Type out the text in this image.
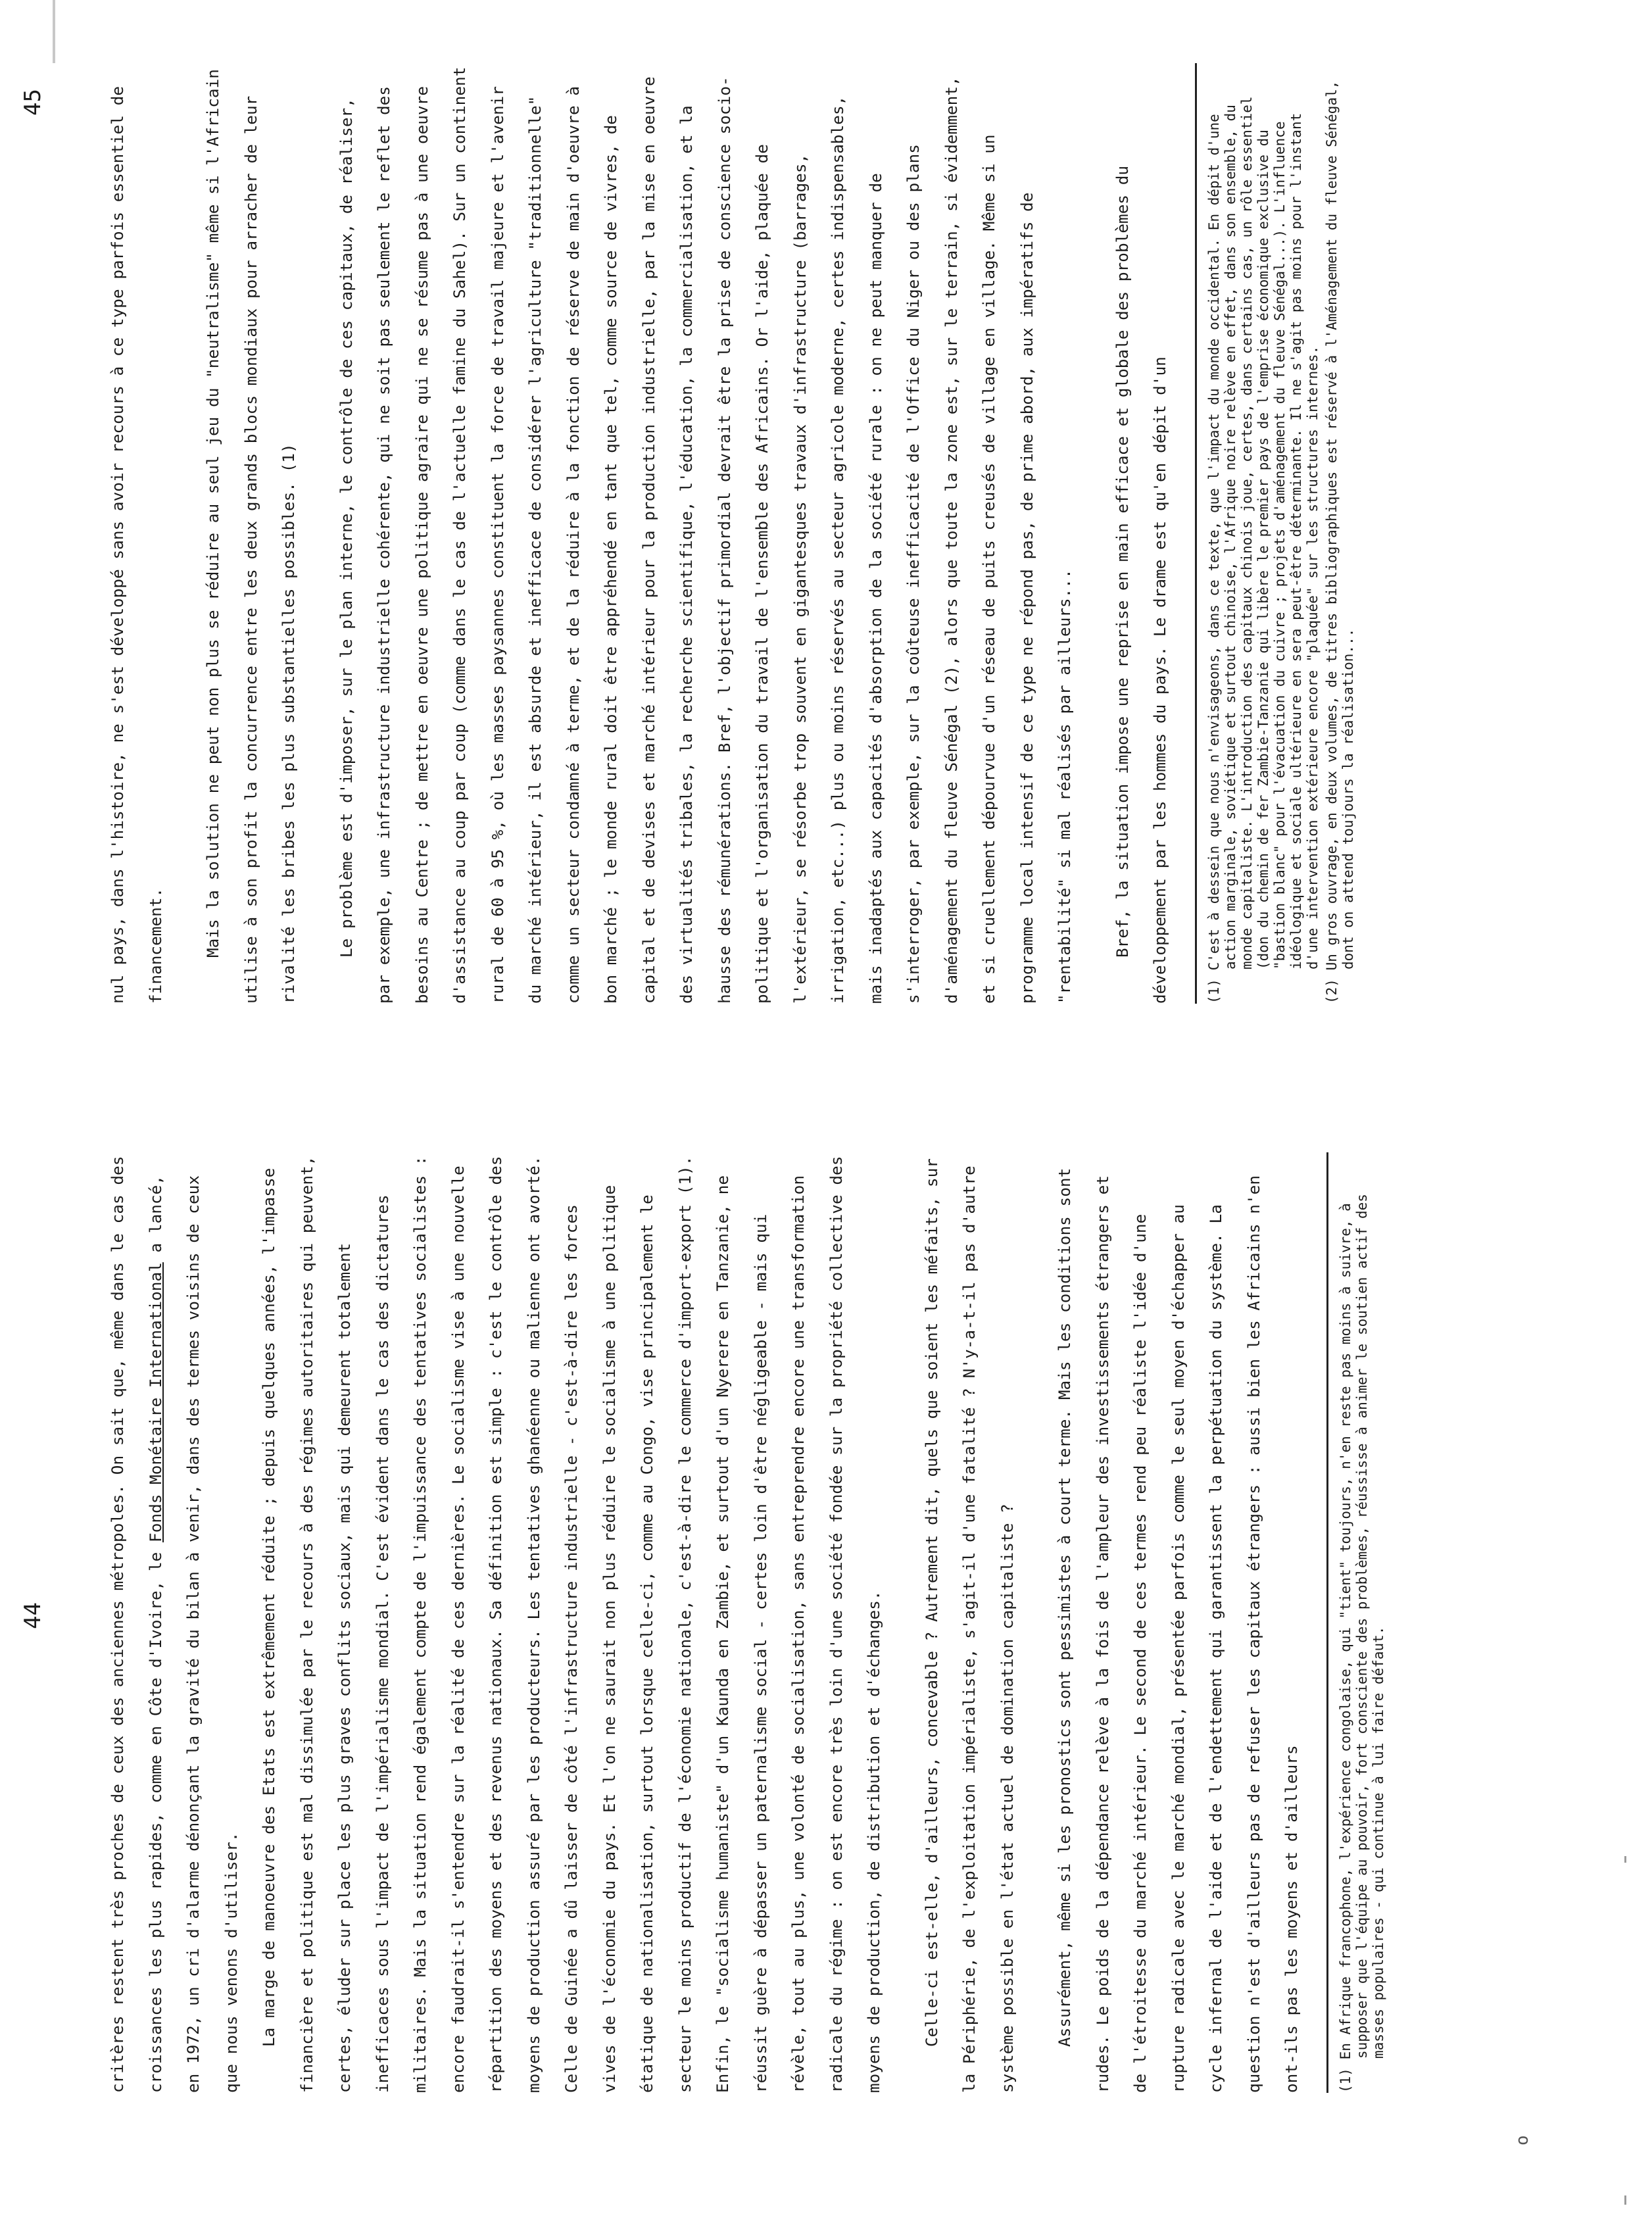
44	critères restent très proches de ceux des anciennes métropoles. On sait que, même dans le cas des croissances les plus rapides, comme en Côte d'Ivoire, le Fonds Monétaire International a lancé, en 1972, un cri d'alarme dénonçant la gravité du bilan à venir, dans des termes voisins de ceux que nous venons d'utiliser.	La marge de manoeuvre des Etats est extrêmement réduite ; depuis quelques années, l'impasse financière et politique est mal dissimulée par le recours à des régimes autoritaires qui peuvent, certes, éluder sur place les plus graves conflits sociaux, mais qui demeurent totalement inefficaces sous l'impact de l'impérialisme mondial. C'est évident dans le cas des dictatures militaires. Mais la situation rend également compte de l'impuissance des tentatives socialistes : encore faudrait-il s'entendre sur la réalité de ces dernières. Le socialisme vise à une nouvelle répartition des moyens et des revenus nationaux. Sa définition est simple : c'est le contrôle des moyens de production assuré par les producteurs. Les tentatives ghanéenne ou malienne ont avorté. Celle de Guinée a dû laisser de côté l'infrastructure industrielle - c'est-à-dire les forces vives de l'économie du pays. Et l'on ne saurait non plus réduire le socialisme à une politique étatique de nationalisation, surtout lorsque celle-ci, comme au Congo, vise principalement le secteur le moins productif de l'économie nationale, c'est-à-dire le commerce d'import-export (1). Enfin, le "socialisme humaniste" d'un Kaunda en Zambie, et surtout d'un Nyerere en Tanzanie, ne réussit guère à dépasser un paternalisme social - certes loin d'être négligeable - mais qui révèle, tout au plus, une volonté de socialisation, sans entreprendre encore une transformation radicale du régime : on est encore très loin d'une société fondée sur la propriété collective des moyens de production, de distribution et d'échanges.	Celle-ci est-elle, d'ailleurs, concevable ? Autrement dit, quels que soient les méfaits, sur la Périphérie, de l'exploitation impérialiste, s'agit-il d'une fatalité ? N'y-a-t-il pas d'autre système possible en l'état actuel de domination capitaliste ?	Assurément, même si les pronostics sont pessimistes à court terme. Mais les conditions sont rudes. Le poids de la dépendance relève à la fois de l'ampleur des investissements étrangers et de l'étroitesse du marché intérieur. Le second de ces termes rend peu réaliste l'idée d'une rupture radicale avec le marché mondial, présentée parfois comme le seul moyen d'échapper au cycle infernal de l'aide et de l'endettement qui garantissent la perpétuation du système. La question n'est d'ailleurs pas de refuser les capitaux étrangers : aussi bien les Africains n'en ont-ils pas les moyens et d'ailleurs	(1) En Afrique francophone, l'expérience congolaise, qui "tient" toujours, n'en reste pas moins à suivre, à supposer que l'équipe au pouvoir, fort consciente des problèmes, réussisse à animer le soutien actif des masses populaires - qui continue à lui faire défaut.

o
45	nul pays, dans l'histoire, ne s'est développé sans avoir recours à ce type parfois essentiel de financement.	Mais la solution ne peut non plus se réduire au seul jeu du "neutralisme" même si l'Africain utilise à son profit la concurrence entre les deux grands blocs mondiaux pour arracher de leur rivalité les bribes les plus substantielles possibles. (1)	Le problème est d'imposer, sur le plan interne, le contrôle de ces capitaux, de réaliser, par exemple, une infrastructure industrielle cohérente, qui ne soit pas seulement le reflet des besoins au Centre ; de mettre en oeuvre une politique agraire qui ne se résume pas à une oeuvre d'assistance au coup par coup (comme dans le cas de l'actuelle famine du Sahel). Sur un continent rural de 60 à 95 %, où les masses paysannes constituent la force de travail majeure et l'avenir du marché intérieur, il est absurde et inefficace de considérer l'agriculture "traditionnelle" comme un secteur condamné à terme, et de la réduire à la fonction de réserve de main d'oeuvre à bon marché ; le monde rural doit être appréhendé en tant que tel, comme source de vivres, de capital et de devises et marché intérieur pour la production industrielle, par la mise en oeuvre des virtualités tribales, la recherche scientifique, l'éducation, la commercialisation, et la hausse des rémunérations. Bref, l'objectif primordial devrait être la prise de conscience socio-politique et l'organisation du travail de l'ensemble des Africains. Or l'aide, plaquée de l'extérieur, se résorbe trop souvent en gigantesques travaux d'infrastructure (barrages, irrigation, etc...) plus ou moins réservés au secteur agricole moderne, certes indispensables, mais inadaptés aux capacités d'absorption de la société rurale : on ne peut manquer de s'interroger, par exemple, sur la coûteuse inefficacité de l'Office du Niger ou des plans d'aménagement du fleuve Sénégal (2), alors que toute la zone est, sur le terrain, si évidemment, et si cruellement dépourvue d'un réseau de puits creusés de village en village. Même si un programme local intensif de ce type ne répond pas, de prime abord, aux impératifs de "rentabilité" si mal réalisés par ailleurs...	Bref, la situation impose une reprise en main efficace et globale des problèmes du développement par les hommes du pays. Le drame est qu'en dépit d'un	(1) C'est à dessein que nous n'envisageons, dans ce texte, que l'impact du monde occidental. En dépit d'une action marginale, soviétique et surtout chinoise, l'Afrique noire relève en effet, dans son ensemble, du monde capitaliste. L'introduction des capitaux chinois joue, certes, dans certains cas, un rôle essentiel (don du chemin de fer Zambie-Tanzanie qui libère le premier pays de l'emprise économique exclusive du "bastion blanc" pour l'évacuation du cuivre ; projets d'aménagement du fleuve Sénégal...). L'influence idéologique et sociale ultérieure en sera peut-être déterminante. Il ne s'agit pas moins pour l'instant d'une intervention extérieure encore "plaquée" sur les structures internes. (2) Un gros ouvrage, en deux volumes, de titres bibliographiques est réservé à l'Aménagement du fleuve Sénégal, dont on attend toujours la réalisation...
